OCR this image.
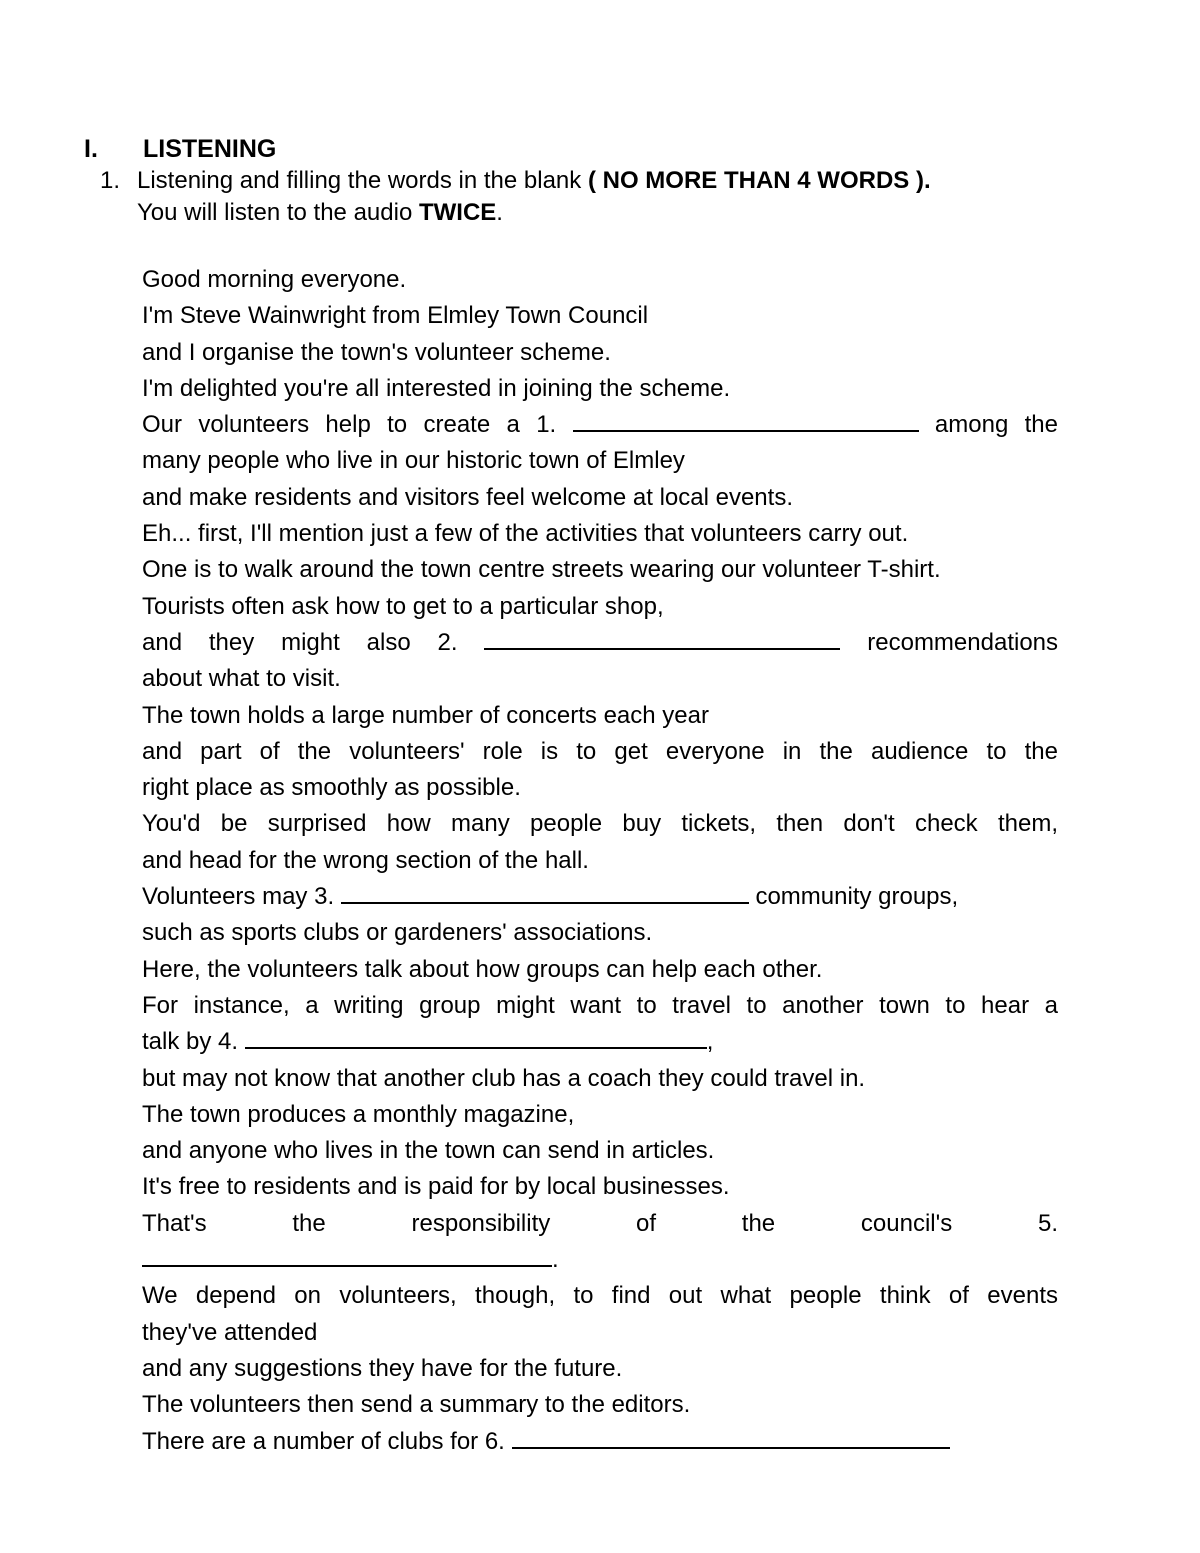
I. LISTENING
1. Listening and filling the words in the blank ( NO MORE THAN 4 WORDS ).
You will listen to the audio TWICE.
Good morning everyone.
I'm Steve Wainwright from Elmley Town Council
and I organise the town's volunteer scheme.
I'm delighted you're all interested in joining the scheme.
Our volunteers help to create a 1.	among the
many people who live in our historic town of Elmley
and make residents and visitors feel welcome at local events.
Eh... first, I'll mention just a few of the activities that volunteers carry out.
One is to walk around the town centre streets wearing our volunteer T-shirt.
Tourists often ask how to get to a particular shop,
and they might also 2.	recommendations
about what to visit.
The town holds a large number of concerts each year
and part of the volunteers' role is to get everyone in the audience to the
right place as smoothly as possible.
You'd be surprised how many people buy tickets, then don't check them,
and head for the wrong section of the hall.
Volunteers may 3.	community groups,
such as sports clubs or gardeners' associations.
Here, the volunteers talk about how groups can help each other.
For instance, a writing group might want to travel to another town to hear a
talk by 4.	,
but may not know that another club has a coach they could travel in.
The town produces a monthly magazine,
and anyone who lives in the town can send in articles.
It's free to residents and is paid for by local businesses.
That's the responsibility of the council's 5.
.
We depend on volunteers, though, to find out what people think of events
they've attended
and any suggestions they have for the future.
The volunteers then send a summary to the editors.
There are a number of clubs for 6.
